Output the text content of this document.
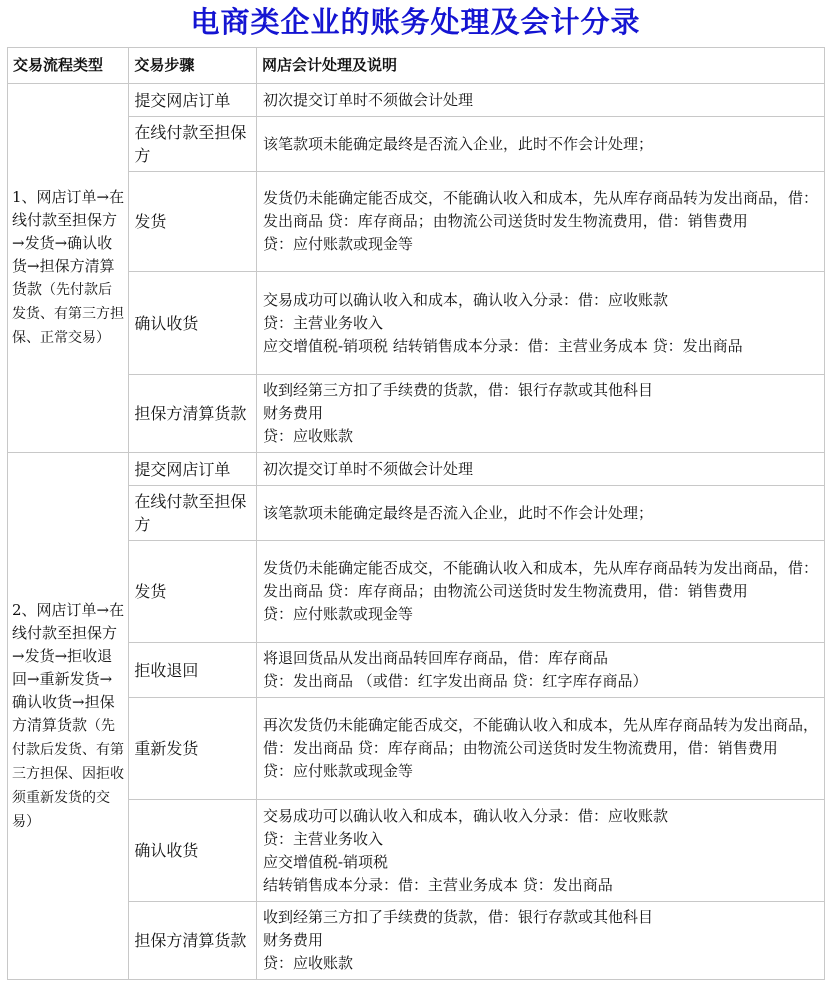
电商类企业的账务处理及会计分录
交易流程类型	交易步骤	网店会计处理及说明
1、网店订单→在线付款至担保方→发货→确认收货→担保方清算货款（先付款后发货、有第三方担保、正常交易）	提交网店订单	初次提交订单时不须做会计处理

	在线付款至担保方	该笔款项未能确定最终是否流入企业，此时不作会计处理；

	发货	发货仍未能确定能否成交，不能确认收入和成本，先从库存商品转为发出商品，借：发出商品 贷：库存商品；由物流公司送货时发生物流费用，借：销售费用
贷：应付账款或现金等

	确认收货	交易成功可以确认收入和成本，确认收入分录：借：应收账款
贷：主营业务收入
应交增值税-销项税 结转销售成本分录：借：主营业务成本 贷：发出商品

	担保方清算货款	收到经第三方扣了手续费的货款，借：银行存款或其他科目
财务费用
贷：应收账款

2、网店订单→在线付款至担保方→发货→拒收退回→重新发货→确认收货→担保方清算货款（先付款后发货、有第三方担保、因拒收须重新发货的交易）	提交网店订单	初次提交订单时不须做会计处理

	在线付款至担保方	该笔款项未能确定最终是否流入企业，此时不作会计处理；

	发货	发货仍未能确定能否成交，不能确认收入和成本，先从库存商品转为发出商品，借：发出商品 贷：库存商品；由物流公司送货时发生物流费用，借：销售费用
贷：应付账款或现金等

	拒收退回	将退回货品从发出商品转回库存商品，借：库存商品
贷：发出商品 （或借：红字发出商品 贷：红字库存商品）

	重新发货	再次发货仍未能确定能否成交，不能确认收入和成本，先从库存商品转为发出商品，借：发出商品 贷：库存商品；由物流公司送货时发生物流费用，借：销售费用
贷：应付账款或现金等

	确认收货	交易成功可以确认收入和成本，确认收入分录：借：应收账款
贷：主营业务收入
应交增值税-销项税
结转销售成本分录：借：主营业务成本 贷：发出商品

	担保方清算货款	收到经第三方扣了手续费的货款，借：银行存款或其他科目
财务费用
贷：应收账款
